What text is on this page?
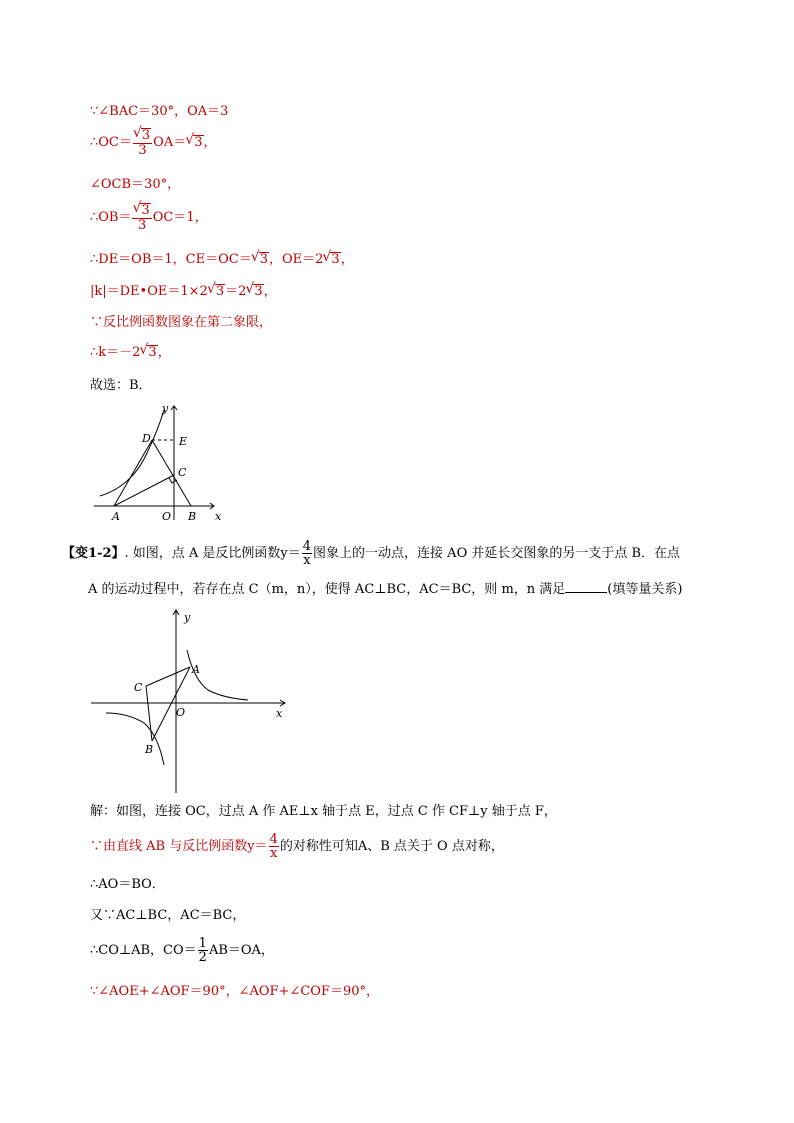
∵∠BAC＝30°，OA＝3
∴OC＝
√ $\frac{3}{3} OA=√$ 3，
∠OCB＝30°，
∴OB＝
√ $\frac{3}{3} OC=1$，
∴DE＝OB＝1，CE＝OC＝√ 3，OE＝2√ 3，
|k|＝DE•OE＝1×2√ 3＝2√ 3，
∵反比例函数图象在第二象限，
∴k＝－2√ 3，
故选：B．
x
y
D	E
C
A	O B
【变1-2】. 如图，点 A 是反比例函数$y= \frac{4}{x}$ 图象上的一动点，连接 AO 并延长交图象的另一支于点 B．在点
A 的运动过程中，若存在点 C（m，n），使得 AC⊥BC，AC＝BC，则 m，n 满足	(填等量关系)
A
C
O
B
x
y
解：如图，连接 OC，过点 A 作 AE⊥x 轴于点 E，过点 C 作 CF⊥y 轴于点 F，
∵由直线 AB 与反比例函数$y= \frac{4}{x}$ 的对称性可知A、B 点关于 O 点对称，
∴AO＝BO．
又∵AC⊥BC，AC＝BC，
∴CO⊥AB，$CO= \frac{1}{2} AB=OA$，
∵∠AOE+∠AOF＝90°，∠AOF+∠COF＝90°，
